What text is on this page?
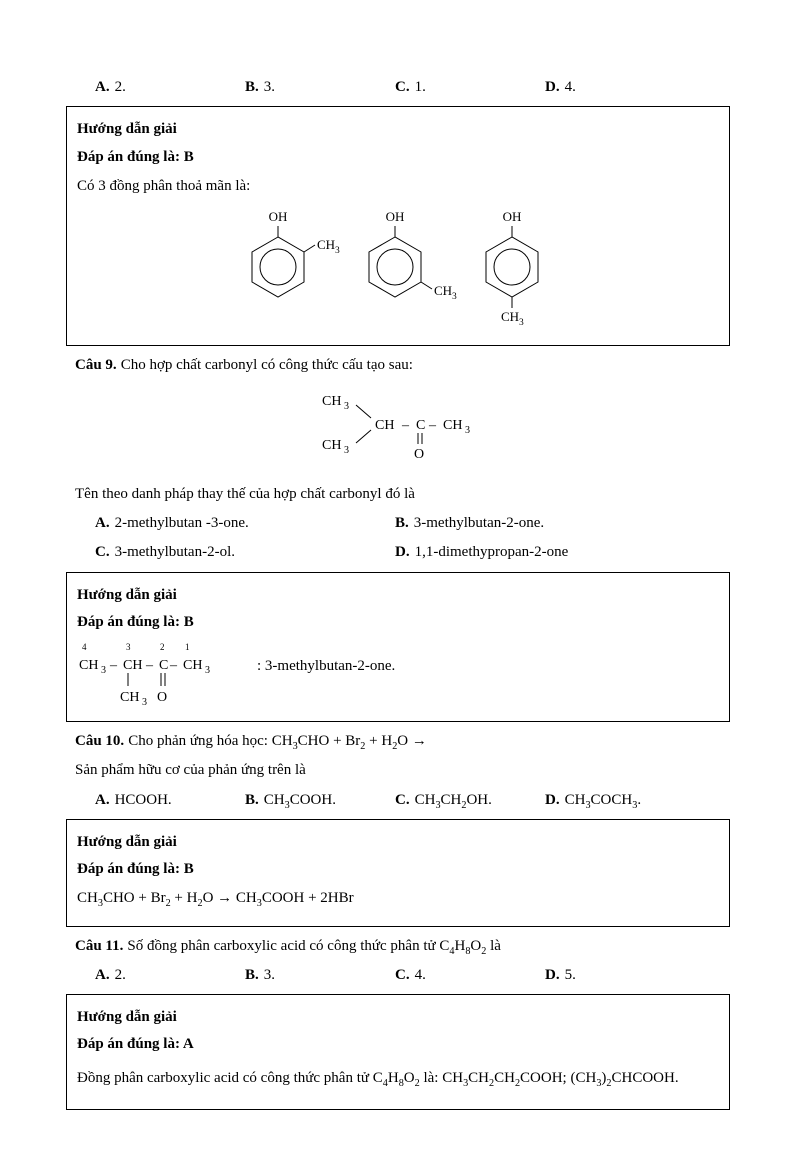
A. 2.	B. 3.	C. 1.	D. 4.

Hướng dẫn giải

Đáp án đúng là: B

Có 3 đồng phân thoả mãn là:

OH
CH 3
OH
CH 3
OH
CH 3

Câu 9. Cho hợp chất carbonyl có công thức cấu tạo sau:

CH 3
CH 3
CH – C – CH 3
O

Tên theo danh pháp thay thế của hợp chất carbonyl đó là

A. 2-methylbutan -3-one.	B. 3-methylbutan-2-one.
C. 3-methylbutan-2-ol.	D. 1,1-dimethypropan-2-one

Hướng dẫn giải

Đáp án đúng là: B

4	3	2 1
CH 3 – CH – C – CH 3
CH 3 O
: 3-methylbutan-2-one.

Câu 10. Cho phản ứng hóa học: $CH_3CHO + Br_2 + H_2O$ →

Sản phẩm hữu cơ của phản ứng trên là

A. HCOOH.	B. $CH_3COOH$.	C. $CH_3CH_2OH$.	D. $CH_3COCH_3$.

Hướng dẫn giải

Đáp án đúng là: B

$CH_3CHO + Br_2 + H_2O$ → $CH_3COOH + 2HBr$

Câu 11. Số đồng phân carboxylic acid có công thức phân tử $C_4H_8O_2$ là

A. 2.	B. 3.	C. 4.	D. 5.

Hướng dẫn giải

Đáp án đúng là: A

Đồng phân carboxylic acid có công thức phân tử $C_4H_8O_2$ là: $CH_3CH_2CH_2COOH$; $(CH_3)_2CHCOOH$.
